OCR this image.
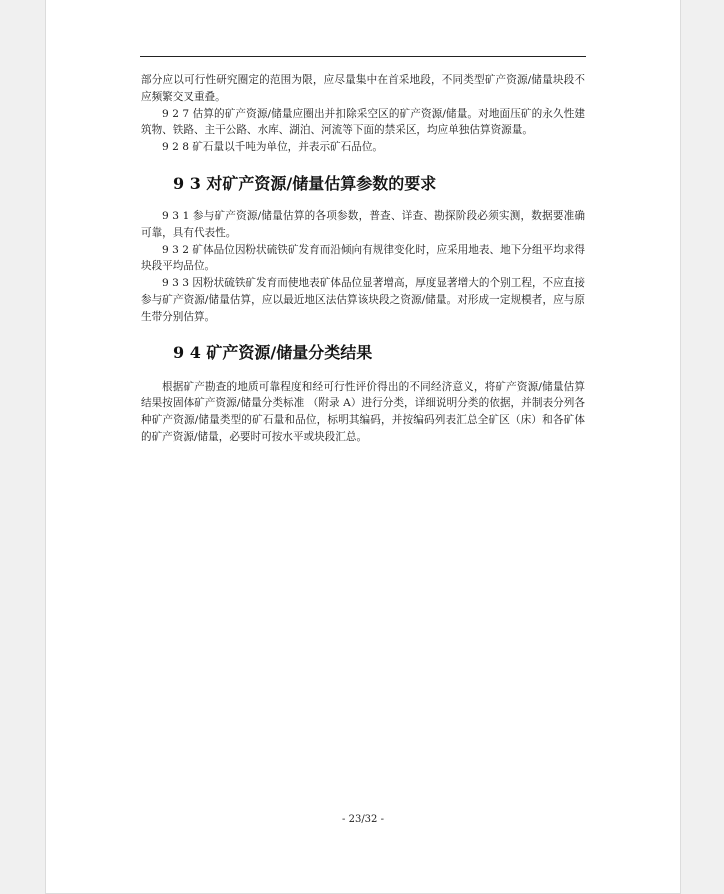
部分应以可行性研究圈定的范围为限，应尽量集中在首采地段，不同类型矿产资源/储量块段不应频繁交叉重叠。

9 2 7 估算的矿产资源/储量应圈出并扣除采空区的矿产资源/储量。对地面压矿的永久性建筑物、铁路、主干公路、水库、湖泊、河流等下面的禁采区，均应单独估算资源量。

9 2 8 矿石量以千吨为单位，并表示矿石品位。

9 3 对矿产资源/储量估算参数的要求

9 3 1 参与矿产资源/储量估算的各项参数，普查、详查、勘探阶段必须实测，数据要准确可靠，具有代表性。

9 3 2 矿体品位因粉状硫铁矿发育而沿倾向有规律变化时，应采用地表、地下分组平均求得块段平均品位。

9 3 3 因粉状硫铁矿发育而使地表矿体品位显著增高，厚度显著增大的个别工程，不应直接参与矿产资源/储量估算，应以最近地区法估算该块段之资源/储量。对形成一定规模者，应与原生带分别估算。

9 4 矿产资源/储量分类结果

根据矿产勘查的地质可靠程度和经可行性评价得出的不同经济意义，将矿产资源/储量估算结果按固体矿产资源/储量分类标准 （附录 A）进行分类，详细说明分类的依据，并制表分列各种矿产资源/储量类型的矿石量和品位，标明其编码，并按编码列表汇总全矿区（床）和各矿体的矿产资源/储量，必要时可按水平或块段汇总。

- 23/32 -
